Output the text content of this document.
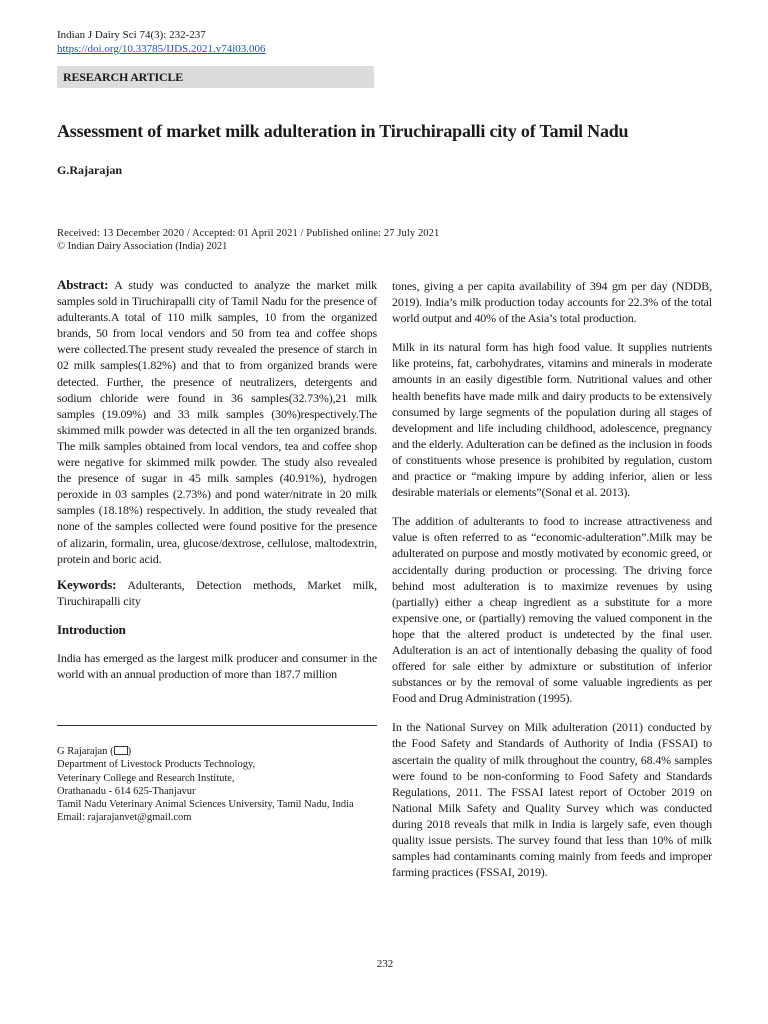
Indian J Dairy Sci 74(3): 232-237
https://doi.org/10.33785/IJDS.2021.v74i03.006
RESEARCH ARTICLE
Assessment of market milk adulteration in Tiruchirapalli city of Tamil Nadu
G.Rajarajan
Received: 13 December 2020 / Accepted: 01 April 2021 / Published online: 27 July 2021
© Indian Dairy Association (India) 2021

Abstract: A study was conducted to analyze the market milk samples sold in Tiruchirapalli city of Tamil Nadu for the presence of adulterants.A total of 110 milk samples, 10 from the organized brands, 50 from local vendors and 50 from tea and coffee shops were collected.The present study revealed the presence of starch in 02 milk samples(1.82%) and that to from organized brands were detected. Further, the presence of neutralizers, detergents and sodium chloride were found in 36 samples(32.73%),21 milk samples (19.09%) and 33 milk samples (30%)respectively.The skimmed milk powder was detected in all the ten organized brands. The milk samples obtained from local vendors, tea and coffee shop were negative for skimmed milk powder. The study also revealed the presence of sugar in 45 milk samples (40.91%), hydrogen peroxide in 03 samples (2.73%) and pond water/nitrate in 20 milk samples (18.18%) respectively. In addition, the study revealed that none of the samples collected were found positive for the presence of alizarin, formalin, urea, glucose/dextrose, cellulose, maltodextrin, protein and boric acid.

Keywords: Adulterants, Detection methods, Market milk, Tiruchirapalli city

Introduction

India has emerged as the largest milk producer and consumer in the world with an annual production of more than 187.7 million

G Rajarajan ( )
Department of Livestock Products Technology,
Veterinary College and Research Institute,
Orathanadu - 614 625-Thanjavur
Tamil Nadu Veterinary Animal Sciences University, Tamil Nadu, India
Email: rajarajanvet@gmail.com

tones, giving a per capita availability of 394 gm per day (NDDB, 2019). India’s milk production today accounts for 22.3% of the total world output and 40% of the Asia’s total production.

Milk in its natural form has high food value. It supplies nutrients like proteins, fat, carbohydrates, vitamins and minerals in moderate amounts in an easily digestible form. Nutritional values and other health benefits have made milk and dairy products to be extensively consumed by large segments of the population during all stages of development and life including childhood, adolescence, pregnancy and the elderly. Adulteration can be defined as the inclusion in foods of constituents whose presence is prohibited by regulation, custom and practice or “making impure by adding inferior, alien or less desirable materials or elements”(Sonal et al. 2013).

The addition of adulterants to food to increase attractiveness and value is often referred to as “economic-adulteration”.Milk may be adulterated on purpose and mostly motivated by economic greed, or accidentally during production or processing. The driving force behind most adulteration is to maximize revenues by using (partially) either a cheap ingredient as a substitute for a more expensive one, or (partially) removing the valued component in the hope that the altered product is undetected by the final user. Adulteration is an act of intentionally debasing the quality of food offered for sale either by admixture or substitution of inferior substances or by the removal of some valuable ingredients as per Food and Drug Administration (1995).

In the National Survey on Milk adulteration (2011) conducted by the Food Safety and Standards of Authority of India (FSSAI) to ascertain the quality of milk throughout the country, 68.4% samples were found to be non-conforming to Food Safety and Standards Regulations, 2011. The FSSAI latest report of October 2019 on National Milk Safety and Quality Survey which was conducted during 2018 reveals that milk in India is largely safe, even though quality issue persists. The survey found that less than 10% of milk samples had contaminants coming mainly from feeds and improper farming practices (FSSAI, 2019).

232
